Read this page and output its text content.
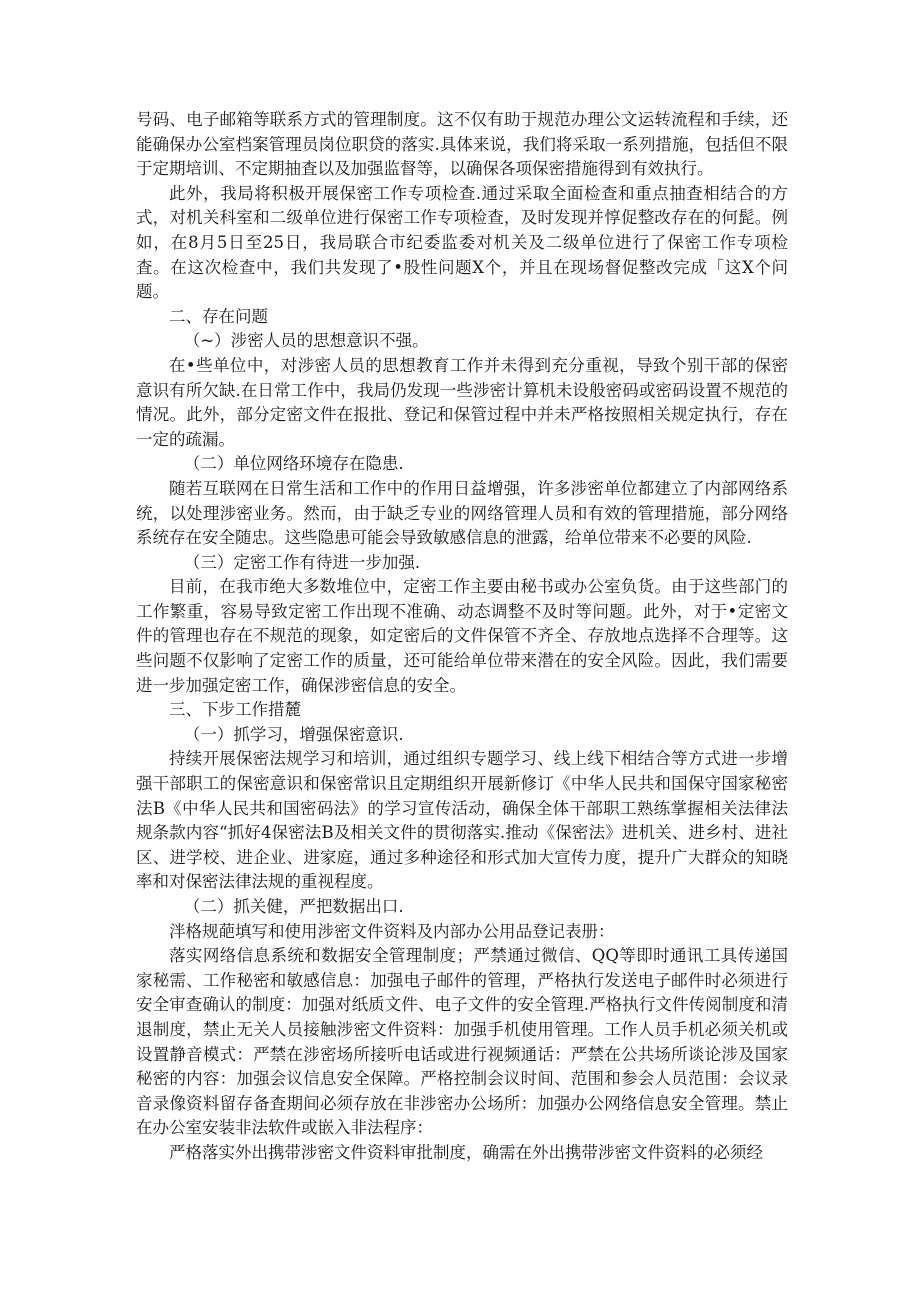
号码、电子邮箱等联系方式的管理制度。这不仅有助于规范办理公文运转流程和手续，还能确保办公室档案管理员岗位职贷的落实.具体来说，我们将采取一系列措施，包括但不限于定期培训、不定期抽査以及加强监督等，以确保各项保密措施得到有效执行。

此外，我局将积极开展保密工作专项检查.通过采取全面检查和重点抽査相结合的方式，对机关科室和二级单位进行保密工作专项检查，及时发现并惇促整改存在的何髭。例如，在8月5日至25日，我局联合市纪委监委对机关及二级单位进行了保密工作专项检査。在这次检查中，我们共发现了•股性问题X个，并且在现场督促整改完成「这X个问题。

二、存在问题

（~）涉密人员的思想意识不强。

在•些单位中，对涉密人员的思想教育工作并未得到充分重视，导致个别干部的保密意识有所欠缺.在日常工作中，我局仍发现一些涉密计算机未设般密码或密码设置不规范的情况。此外，部分定密文件在报批、登记和保管过程中并未严格按照相关规定执行，存在一定的疏漏。

（二）单位网络环境存在隐患.

随若互联网在日常生活和工作中的作用日益增强，许多涉密单位都建立了内部网络系统，以处理涉密业务。然而，由于缺乏专业的网络管理人员和有效的管理措施，部分网络系统存在安全随忠。这些隐患可能会导致敏感信息的泄露，给单位带来不必要的风险.

（三）定密工作有待进一步加强.

目前，在我市绝大多数堆位中，定密工作主要由秘书或办公室负货。由于这些部门的工作繁重，容易导致定密工作出现不准确、动态调整不及时等问题。此外，对于•定密文件的管理也存在不规范的现象，如定密后的文件保管不齐全、存放地点选择不合理等。这些问题不仅影响了定密工作的质量，还可能给单位带来潜在的安全风险。因此，我们需要进一步加强定密工作，确保涉密信息的安全。

三、下步工作措麓

（一）抓学习，增强保密意识.

持续开展保密法规学习和培训，通过组织专题学习、线上线下相结合等方式进一步增强干部职工的保密意识和保密常识且定期组织开展新修订《中华人民共和国保守国家秘密法B《中华人民共和国密码法》的学习宣传活动，确保全体干部职工熟练掌握相关法律法规条款内容“抓好4保密法B及相关文件的贯彻落实.推动《保密法》进机关、进乡村、进社区、进学校、进企业、进家庭，通过多种途径和形式加大宣传力度，提升广大群众的知晓率和对保密法律法规的重视程度。

（二）抓关健，严把数据出口.

泮格规葩填写和使用涉密文件资料及内部办公用品登记表册：

落实网络信息系统和数据安全管理制度；严禁通过微信、QQ等即时通讯工具传递国家秘需、工作秘密和敏感信息：加强电子邮件的管理，严格执行发送电子邮件时必须进行安全审查确认的制度：加强对纸质文件、电子文件的安全管理.严格执行文件传阅制度和清退制度，禁止无关人员接触涉密文件资料：加强手机使用管理。工作人员手机必须关机或设置静音模式：严禁在涉密场所接听电话或进行视频通话：严禁在公共场所谈论涉及国家秘密的内容：加强会议信息安全保障。严格控制会议时间、范围和参会人员范围：会议录音录像资料留存备査期间必须存放在非涉密办公场所：加强办公网络信息安全管理。禁止在办公室安装非法软件或嵌入非法程序：

严格落实外出携带涉密文件资料审批制度，确需在外出携带涉密文件资料的必须经
